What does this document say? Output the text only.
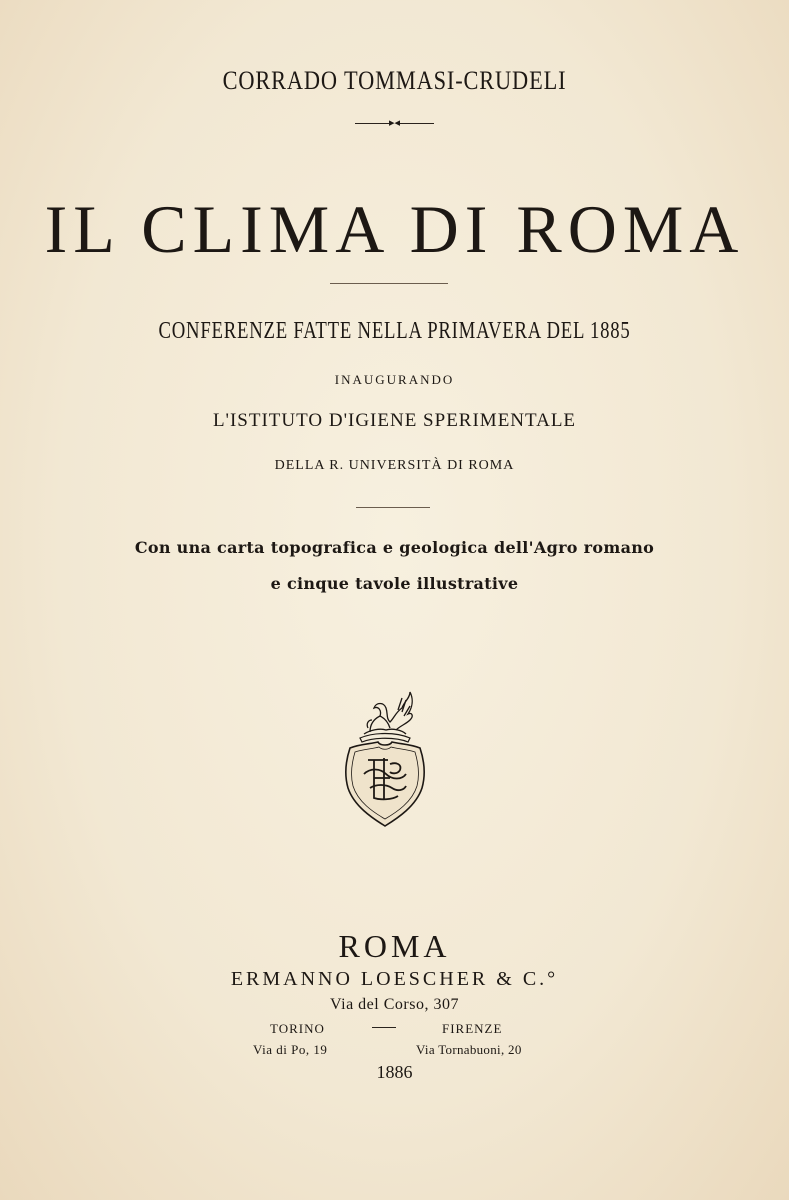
CORRADO TOMMASI-CRUDELI
▸◂
IL CLIMA DI ROMA
CONFERENZE FATTE NELLA PRIMAVERA DEL 1885
INAUGURANDO
L'ISTITUTO D'IGIENE SPERIMENTALE
DELLA R. UNIVERSITÀ DI ROMA
Con una carta topografica e geologica dell'Agro romano
e cinque tavole illustrative
ROMA
ERMANNO LOESCHER & C.°
Via del Corso, 307
TORINO	FIRENZE
Via di Po, 19	Via Tornabuoni, 20
1886
